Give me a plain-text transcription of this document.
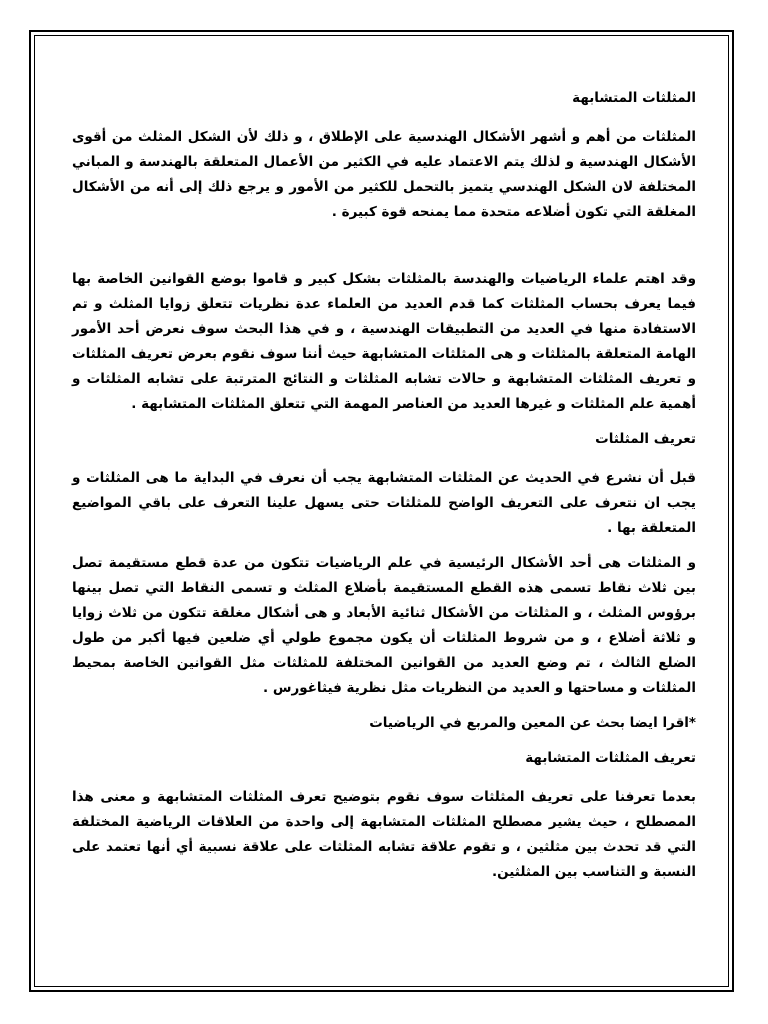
المثلثات المتشابهة

المثلثات من أهم و أشهر الأشكال الهندسية على الإطلاق ، و ذلك لأن الشكل المثلث من أقوى الأشكال الهندسية و لذلك يتم الاعتماد عليه في الكثير من الأعمال المتعلقة بالهندسة و المباني المختلفة لان الشكل الهندسي يتميز بالتحمل للكثير من الأمور و يرجع ذلك إلى أنه من الأشكال المغلقة التي تكون أضلاعه متحدة مما يمنحه قوة كبيرة .

وقد اهتم علماء الرياضيات والهندسة بالمثلثات بشكل كبير و قاموا بوضع القوانين الخاصة بها فيما يعرف بحساب المثلثات كما قدم العديد من العلماء عدة نظريات تتعلق زوايا المثلث و تم الاستفادة منها في العديد من التطبيقات الهندسية ، و في هذا البحث سوف نعرض أحد الأمور الهامة المتعلقة بالمثلثات و هى المثلثات المتشابهة حيث أننا سوف نقوم بعرض تعريف المثلثات و تعريف المثلثات المتشابهة و حالات تشابه المثلثات و النتائج المترتبة على تشابه المثلثات و أهمية علم المثلثات و غيرها العديد من العناصر المهمة التي تتعلق المثلثات المتشابهة .

تعريف المثلثات

قبل أن نشرع في الحديث عن المثلثات المتشابهة يجب أن نعرف في البداية ما هى المثلثات و يجب ان نتعرف على التعريف الواضح للمثلثات حتى يسهل علينا التعرف على باقي المواضيع المتعلقة بها .

و المثلثات هى أحد الأشكال الرئيسية في علم الرياضيات تتكون من عدة قطع مستقيمة تصل بين ثلاث نقاط تسمى هذه القطع المستقيمة بأضلاع المثلث و تسمى النقاط التي تصل بينها برؤوس المثلث ، و المثلثات من الأشكال ثنائية الأبعاد و هى أشكال مغلقة تتكون من ثلاث زوايا و ثلاثة أضلاع ، و من شروط المثلثات أن يكون مجموع طولي أي ضلعين فيها أكبر من طول الضلع الثالث ، تم وضع العديد من القوانين المختلفة للمثلثات مثل القوانين الخاصة بمحيط المثلثات و مساحتها و العديد من النظريات مثل نظرية فيثاغورس .

*اقرا ايضا بحث عن المعين والمربع في الرياضيات

تعريف المثلثات المتشابهة

بعدما تعرفنا على تعريف المثلثات سوف نقوم بتوضيح تعرف المثلثات المتشابهة و معنى هذا المصطلح ، حيث يشير مصطلح المثلثات المتشابهة إلى واحدة من العلاقات الرياضية المختلفة التي قد تحدث بين مثلثين ، و تقوم علاقة تشابه المثلثات على علاقة نسبية أي أنها تعتمد على النسبة و التناسب بين المثلثين.
